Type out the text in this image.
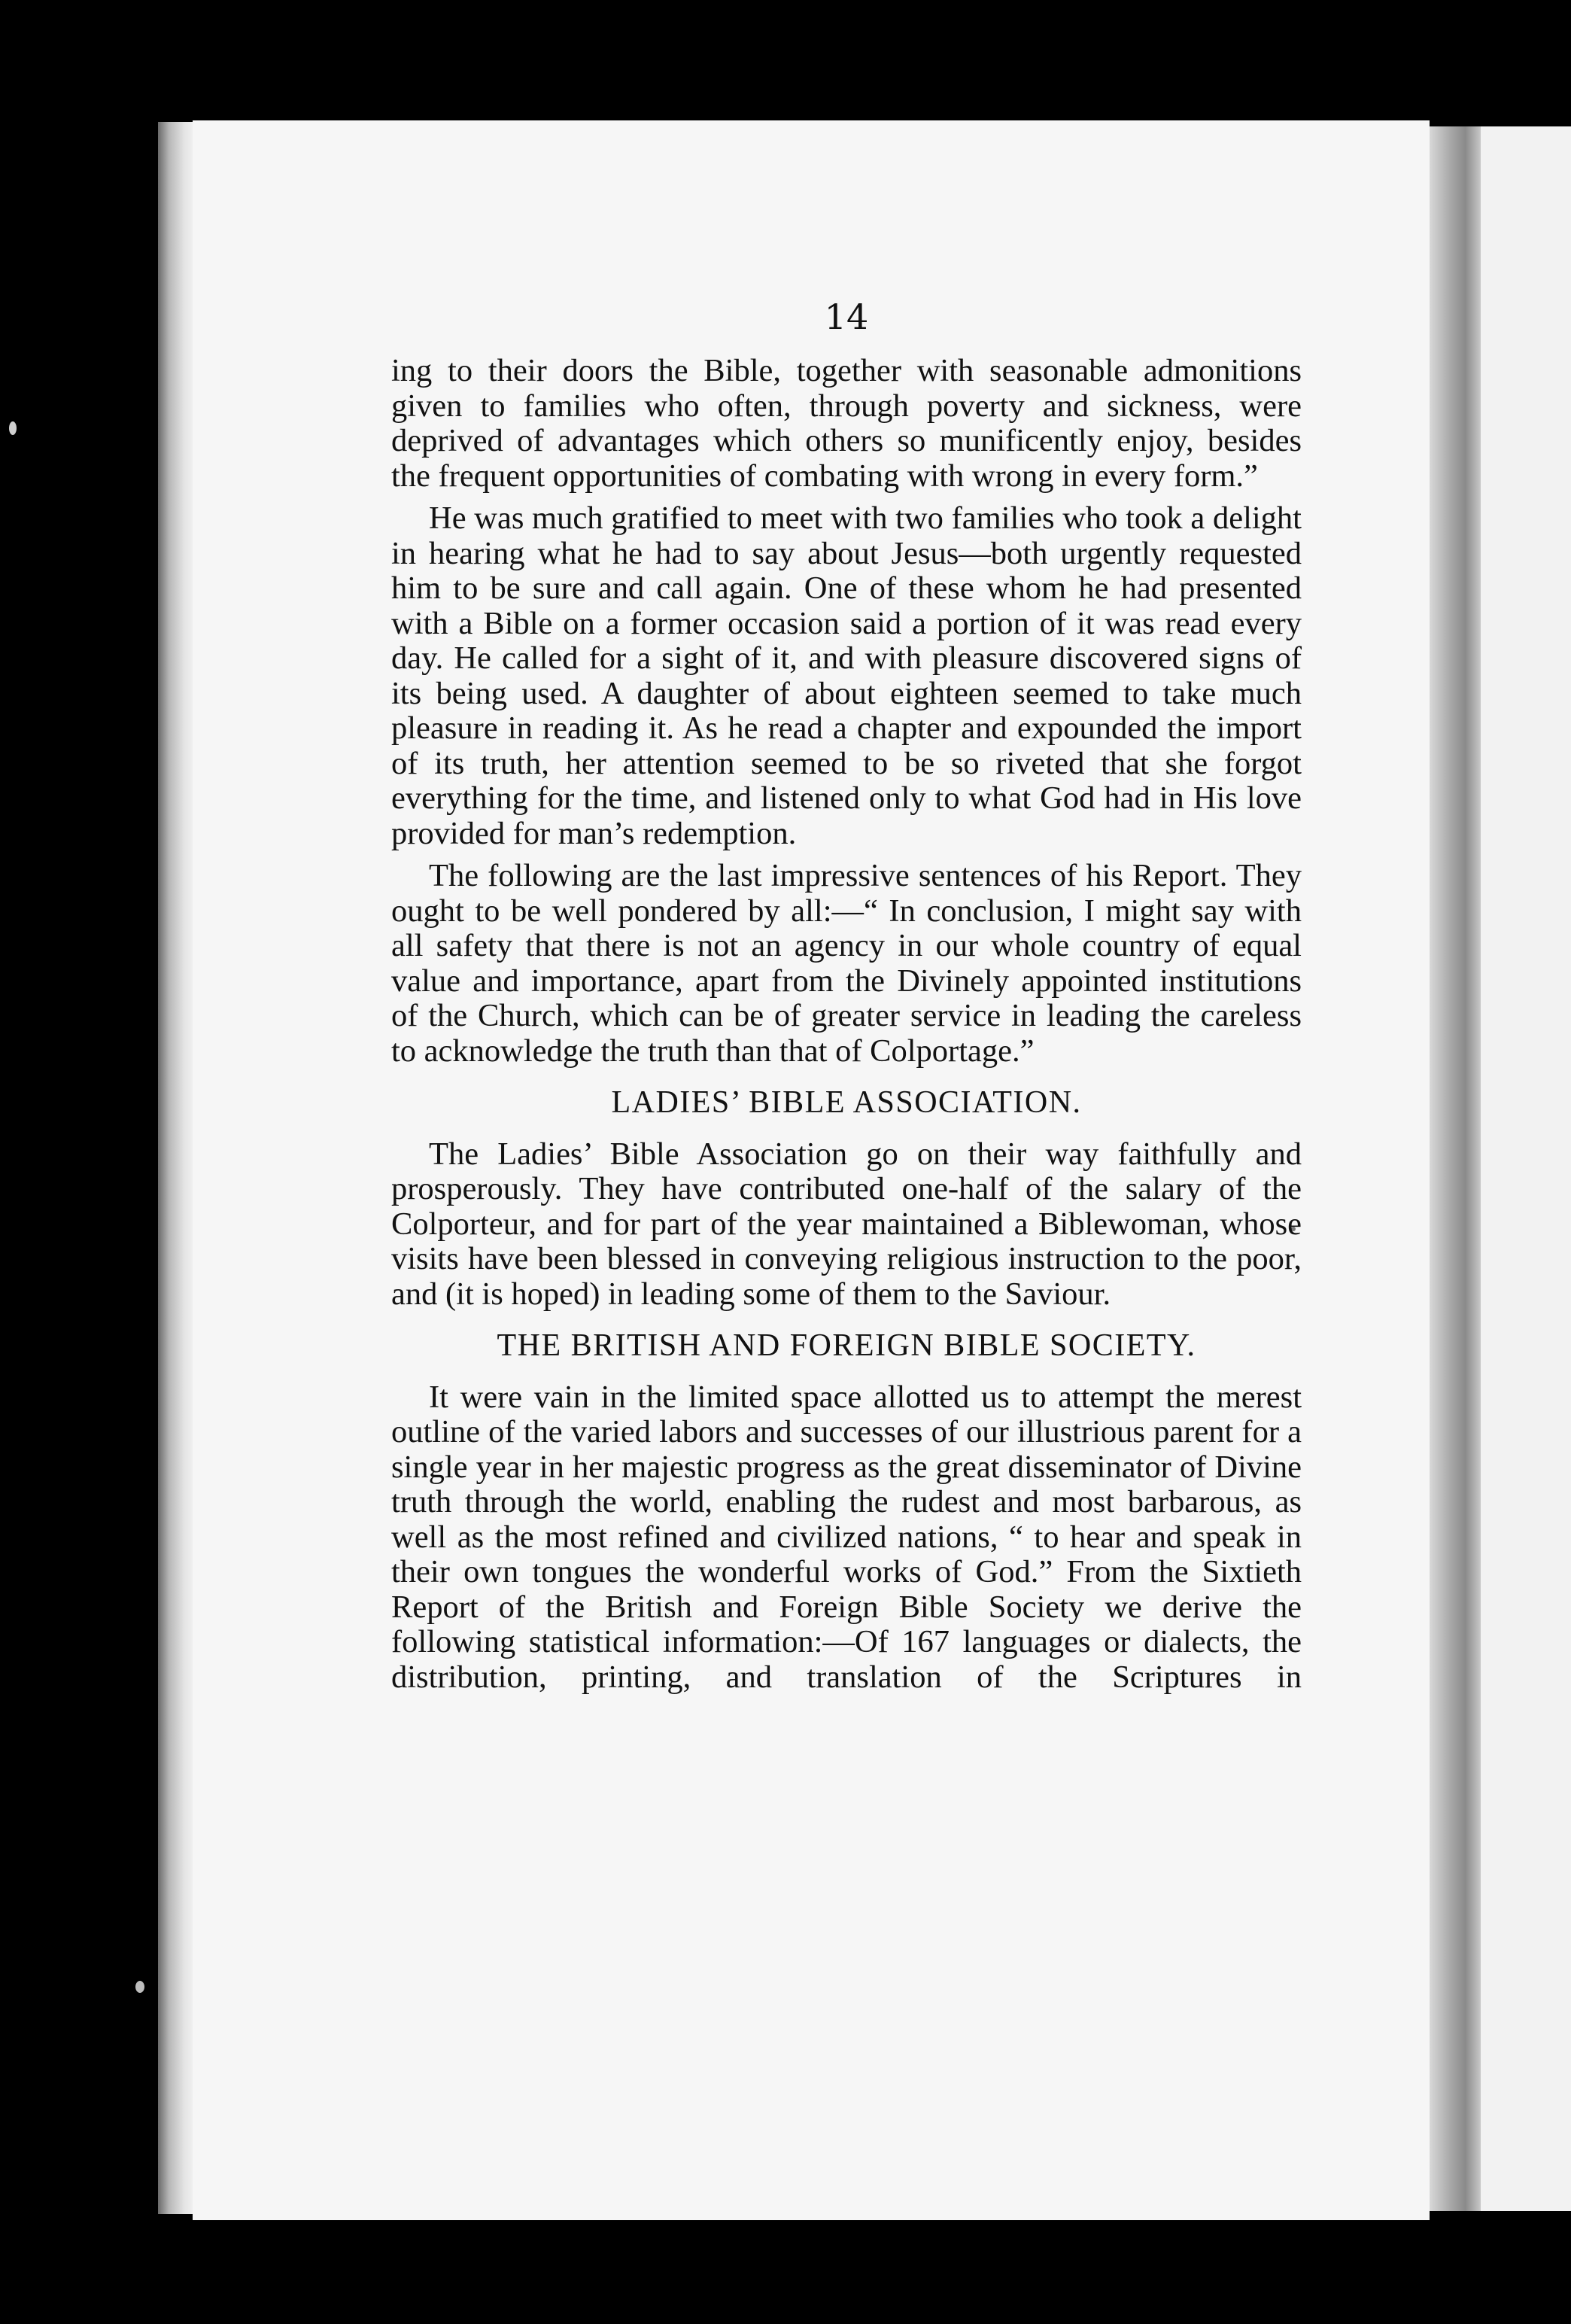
14

ing to their doors the Bible, together with seasonable admonitions given to families who often, through poverty and sickness, were deprived of advantages which others so munificently enjoy, besides the frequent opportunities of combating with wrong in every form.”

He was much gratified to meet with two families who took a delight in hearing what he had to say about Jesus—both urgently requested him to be sure and call again. One of these whom he had presented with a Bible on a former occasion said a portion of it was read every day. He called for a sight of it, and with pleasure discovered signs of its being used. A daughter of about eighteen seemed to take much pleasure in reading it. As he read a chapter and expounded the import of its truth, her attention seemed to be so riveted that she forgot everything for the time, and listened only to what God had in His love provided for man’s redemption.

The following are the last impressive sentences of his Report. They ought to be well pondered by all:—“ In conclusion, I might say with all safety that there is not an agency in our whole country of equal value and importance, apart from the Divinely appointed institutions of the Church, which can be of greater service in leading the careless to acknowledge the truth than that of Colportage.”

LADIES’ BIBLE ASSOCIATION.

The Ladies’ Bible Association go on their way faithfully and prosperously. They have contributed one-half of the salary of the Colporteur, and for part of the year maintained a Biblewoman, whose visits have been blessed in conveying religious instruction to the poor, and (it is hoped) in leading some of them to the Saviour.

THE BRITISH AND FOREIGN BIBLE SOCIETY.

It were vain in the limited space allotted us to attempt the merest outline of the varied labors and successes of our illustrious parent for a single year in her majestic progress as the great disseminator of Divine truth through the world, enabling the rudest and most barbarous, as well as the most refined and civilized nations, “ to hear and speak in their own tongues the wonderful works of God.” From the Sixtieth Report of the British and Foreign Bible Society we derive the following statistical information:—Of 167 languages or dialects, the distribution, printing, and translation of the Scriptures in
